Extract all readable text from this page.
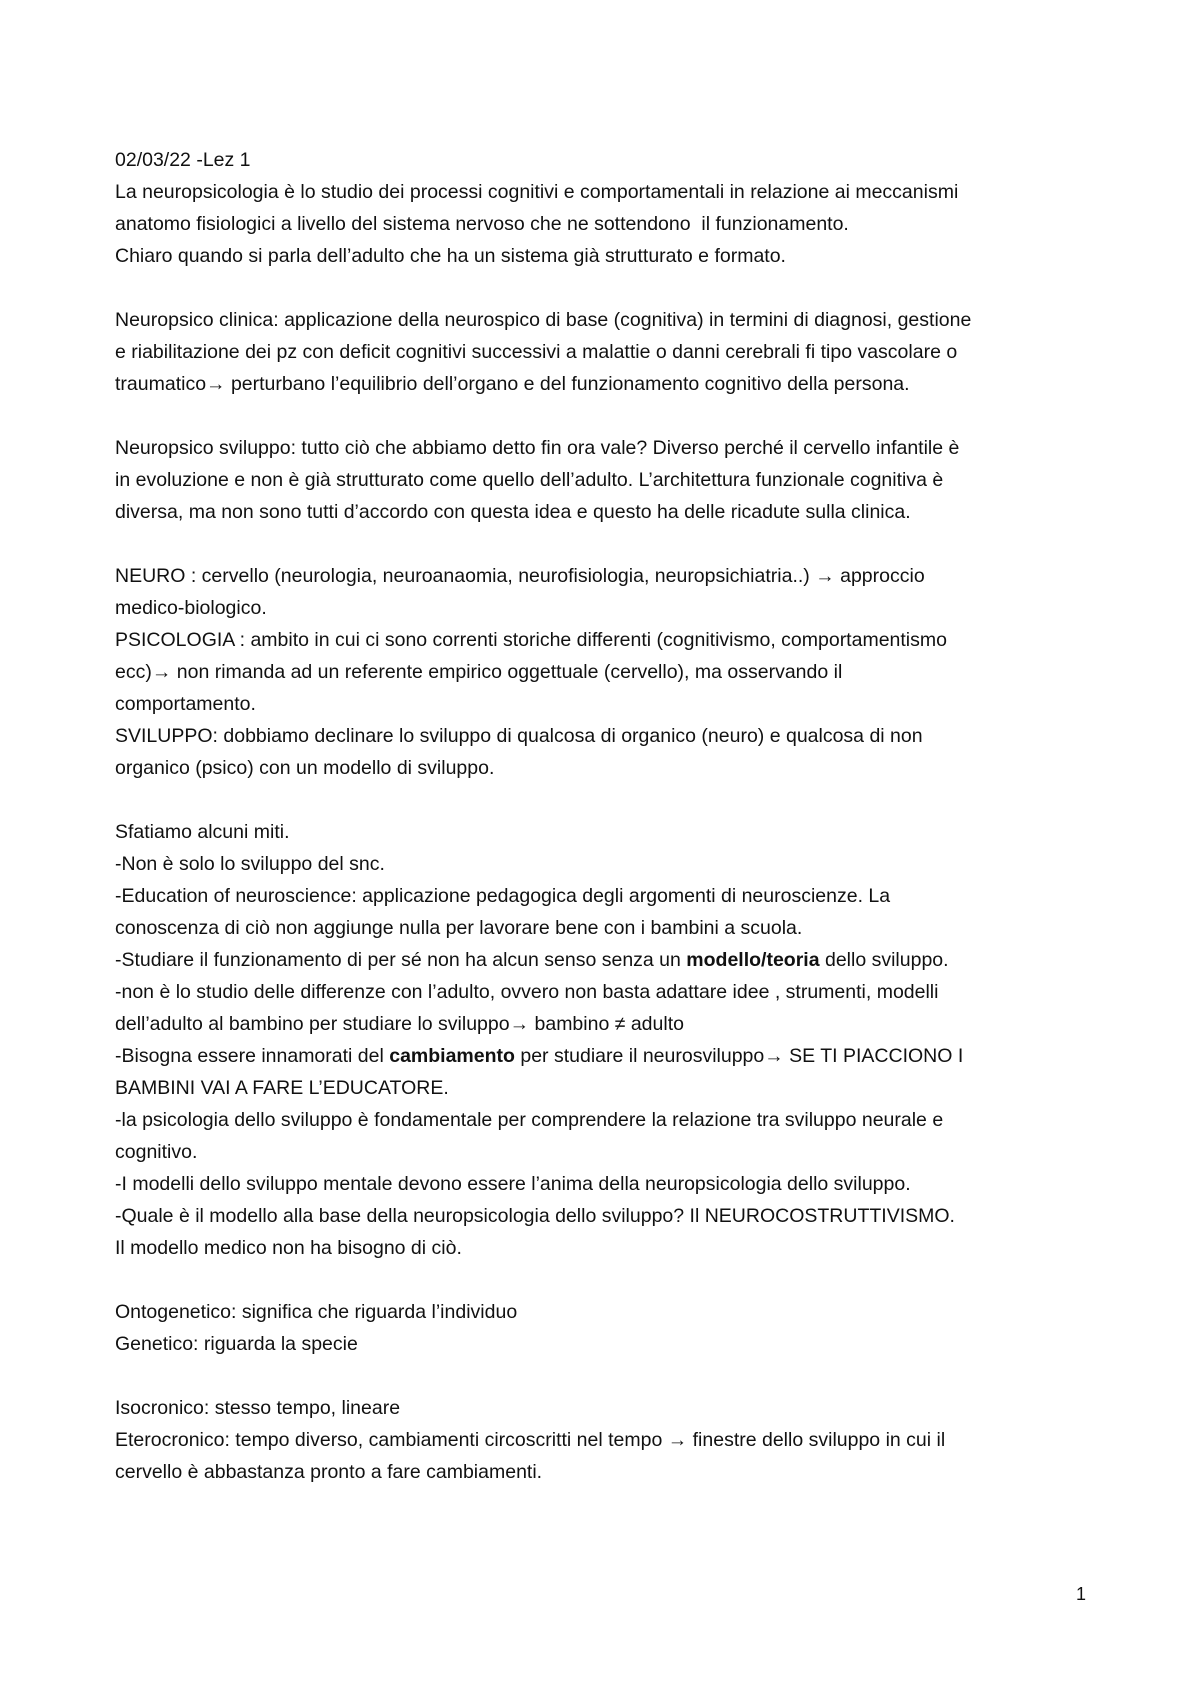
02/03/22 -Lez 1
La neuropsicologia è lo studio dei processi cognitivi e comportamentali in relazione ai meccanismi
anatomo fisiologici a livello del sistema nervoso che ne sottendono  il funzionamento.
Chiaro quando si parla dell’adulto che ha un sistema già strutturato e formato.
Neuropsico clinica: applicazione della neurospico di base (cognitiva) in termini di diagnosi, gestione
e riabilitazione dei pz con deficit cognitivi successivi a malattie o danni cerebrali fi tipo vascolare o
traumatico→ perturbano l’equilibrio dell’organo e del funzionamento cognitivo della persona.
Neuropsico sviluppo: tutto ciò che abbiamo detto fin ora vale? Diverso perché il cervello infantile è
in evoluzione e non è già strutturato come quello dell’adulto. L’architettura funzionale cognitiva è
diversa, ma non sono tutti d’accordo con questa idea e questo ha delle ricadute sulla clinica.
NEURO : cervello (neurologia, neuroanaomia, neurofisiologia, neuropsichiatria..) → approccio
medico-biologico.
PSICOLOGIA : ambito in cui ci sono correnti storiche differenti (cognitivismo, comportamentismo
ecc)→ non rimanda ad un referente empirico oggettuale (cervello), ma osservando il
comportamento.
SVILUPPO: dobbiamo declinare lo sviluppo di qualcosa di organico (neuro) e qualcosa di non
organico (psico) con un modello di sviluppo.
Sfatiamo alcuni miti.
-Non è solo lo sviluppo del snc.
-Education of neuroscience: applicazione pedagogica degli argomenti di neuroscienze. La
conoscenza di ciò non aggiunge nulla per lavorare bene con i bambini a scuola.
-Studiare il funzionamento di per sé non ha alcun senso senza un modello/teoria dello sviluppo.
-non è lo studio delle differenze con l’adulto, ovvero non basta adattare idee , strumenti, modelli
dell’adulto al bambino per studiare lo sviluppo→ bambino ≠ adulto
-Bisogna essere innamorati del cambiamento per studiare il neurosviluppo→ SE TI PIACCIONO I
BAMBINI VAI A FARE L’EDUCATORE.
-la psicologia dello sviluppo è fondamentale per comprendere la relazione tra sviluppo neurale e
cognitivo.
-I modelli dello sviluppo mentale devono essere l’anima della neuropsicologia dello sviluppo.
-Quale è il modello alla base della neuropsicologia dello sviluppo? Il NEUROCOSTRUTTIVISMO.
Il modello medico non ha bisogno di ciò.
Ontogenetico: significa che riguarda l’individuo
Genetico: riguarda la specie
Isocronico: stesso tempo, lineare
Eterocronico: tempo diverso, cambiamenti circoscritti nel tempo → finestre dello sviluppo in cui il
cervello è abbastanza pronto a fare cambiamenti.
1
